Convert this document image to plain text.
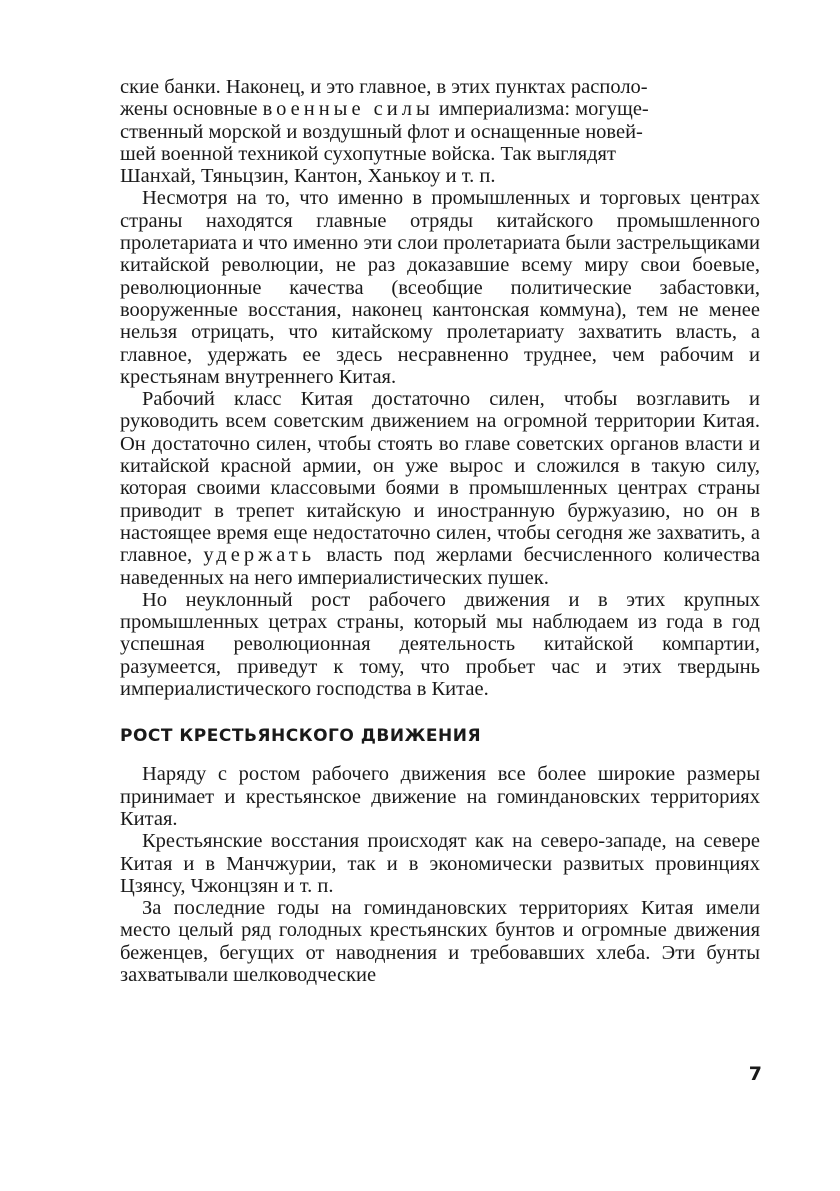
ские банки. Наконец, и это главное, в этих пунктах располо-
жены основные военные силы империализма: могуще-
ственный морской и воздушный флот и оснащенные новей-
шей военной техникой сухопутные войска. Так выглядят
Шанхай, Тяньцзин, Кантон, Ханькоу и т. п.

Несмотря на то, что именно в промышленных и торговых центрах страны находятся главные отряды китайского промышленного пролетариата и что именно эти слои пролетариата были застрельщиками китайской революции, не раз доказавшие всему миру свои боевые, революционные качества (всеобщие политические забастовки, вооруженные восстания, наконец кантонская коммуна), тем не менее нельзя отрицать, что китайскому пролетариату захватить власть, а главное, удержать ее здесь несравненно труднее, чем рабочим и крестьянам внутреннего Китая.

Рабочий класс Китая достаточно силен, чтобы возглавить и руководить всем советским движением на огромной территории Китая. Он достаточно силен, чтобы стоять во главе советских органов власти и китайской красной армии, он уже вырос и сложился в такую силу, которая своими классовыми боями в промышленных центрах страны приводит в трепет китайскую и иностранную буржуазию, но он в настоящее время еще недостаточно силен, чтобы сегодня же захватить, а главное, удержать власть под жерлами бесчисленного количества наведенных на него империалистических пушек.

Но неуклонный рост рабочего движения и в этих крупных промышленных цетрах страны, который мы наблюдаем из года в год успешная революционная деятельность китайской компартии, разумеется, приведут к тому, что пробьет час и этих твердынь империалистического господства в Китае.

РОСТ КРЕСТЬЯНСКОГО ДВИЖЕНИЯ

Наряду с ростом рабочего движения все более широкие размеры принимает и крестьянское движение на гоминдановских территориях Китая.

Крестьянские восстания происходят как на северо-западе, на севере Китая и в Манчжурии, так и в экономически развитых провинциях Цзянсу, Чжонцзян и т. п.

За последние годы на гоминдановских территориях Китая имели место целый ряд голодных крестьянских бунтов и огромные движения беженцев, бегущих от наводнения и требовавших хлеба. Эти бунты захватывали шелководческие

7
